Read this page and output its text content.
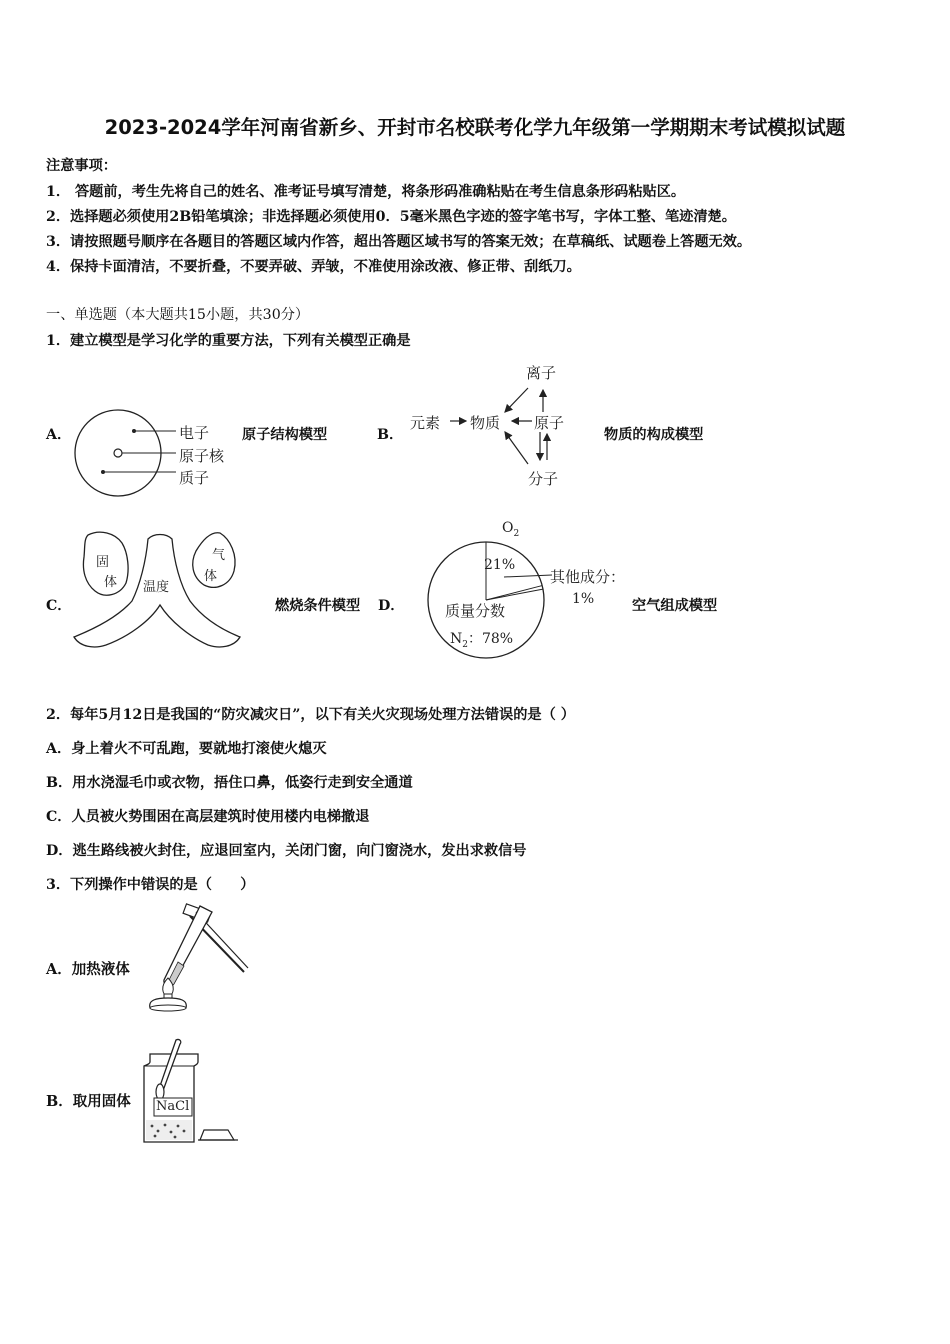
2023-2024学年河南省新乡、开封市名校联考化学九年级第一学期期末考试模拟试题
注意事项：
1． 答题前，考生先将自己的姓名、准考证号填写清楚，将条形码准确粘贴在考生信息条形码粘贴区。
2．选择题必须使用2B铅笔填涂；非选择题必须使用0．5毫米黑色字迹的签字笔书写，字体工整、笔迹清楚。
3．请按照题号顺序在各题目的答题区域内作答，超出答题区域书写的答案无效；在草稿纸、试题卷上答题无效。
4．保持卡面清洁，不要折叠，不要弄破、弄皱，不准使用涂改液、修正带、刮纸刀。
一、单选题（本大题共15小题，共30分）
1．建立模型是学习化学的重要方法，下列有关模型正确是
A．	电子
原子核
质子
原子结构模型	B．
离子
元素 物质 原子
分子
物质的构成模型
C．
固
体
气
体
温度
燃烧条件模型 D．
$O_2$
21%
其他成分：
1%
质量分数
$N_2$：78%
空气组成模型
2．每年5月12日是我国的“防灾减灾日”，以下有关火灾现场处理方法错误的是（ ）
A．身上着火不可乱跑，要就地打滚使火熄灭
B．用水浇湿毛巾或衣物，捂住口鼻，低姿行走到安全通道
C．人员被火势围困在高层建筑时使用楼内电梯撤退
D．逃生路线被火封住，应退回室内，关闭门窗，向门窗浇水，发出求救信号
3．下列操作中错误的是（　　）
A．加热液体
B．取用固体 NaCl
